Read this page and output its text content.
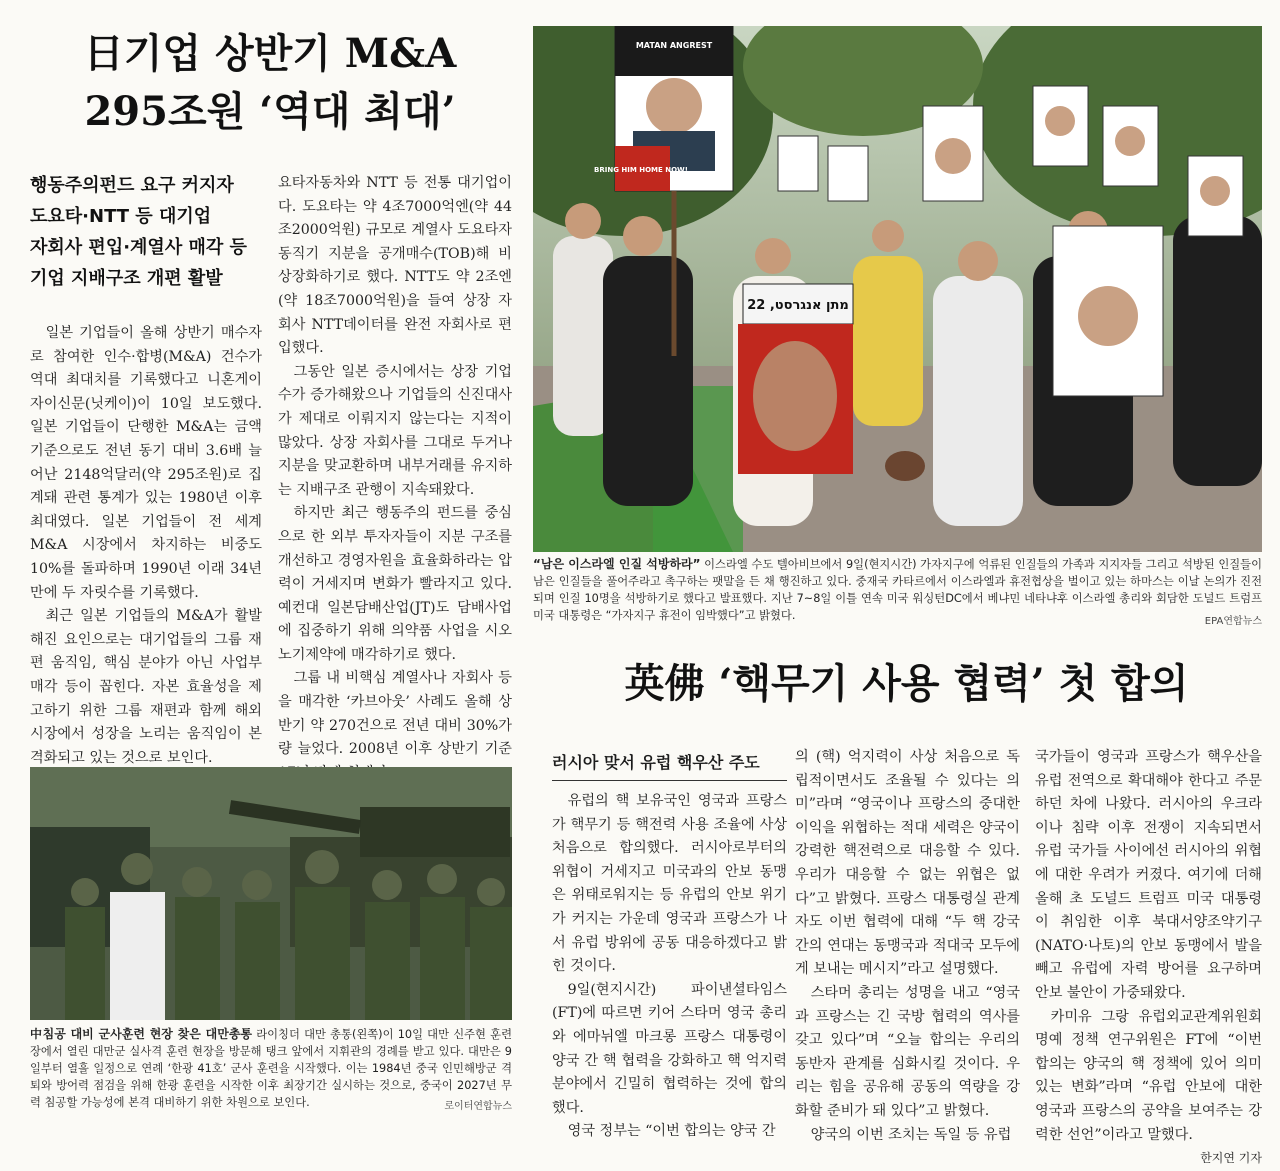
日기업 상반기 M&A
295조원 ‘역대 최대’
행동주의펀드 요구 커지자
도요타·NTT 등 대기업
자회사 편입·계열사 매각 등
기업 지배구조 개편 활발

일본 기업들이 올해 상반기 매수자로 참여한 인수·합병(M&A) 건수가 역대 최대치를 기록했다고 니혼게이자이신문(닛케이)이 10일 보도했다. 일본 기업들이 단행한 M&A는 금액 기준으로도 전년 동기 대비 3.6배 늘어난 2148억달러(약 295조원)로 집계돼 관련 통계가 있는 1980년 이후 최대였다. 일본 기업들이 전 세계 M&A 시장에서 차지하는 비중도 10%를 돌파하며 1990년 이래 34년 만에 두 자릿수를 기록했다.

최근 일본 기업들의 M&A가 활발해진 요인으로는 대기업들의 그룹 재편 움직임, 핵심 분야가 아닌 사업부 매각 등이 꼽힌다. 자본 효율성을 제고하기 위한 그룹 재편과 함께 해외 시장에서 성장을 노리는 움직임이 본격화되고 있는 것으로 보인다.

요타자동차와 NTT 등 전통 대기업이다. 도요타는 약 4조7000억엔(약 44조2000억원) 규모로 계열사 도요타자동직기 지분을 공개매수(TOB)해 비상장화하기로 했다. NTT도 약 2조엔(약 18조7000억원)을 들여 상장 자회사 NTT데이터를 완전 자회사로 편입했다.

그동안 일본 증시에서는 상장 기업 수가 증가해왔으나 기업들의 신진대사가 제대로 이뤄지지 않는다는 지적이 많았다. 상장 자회사를 그대로 두거나 지분을 맞교환하며 내부거래를 유지하는 지배구조 관행이 지속돼왔다.

하지만 최근 행동주의 펀드를 중심으로 한 외부 투자자들이 지분 구조를 개선하고 경영자원을 효율화하라는 압력이 거세지며 변화가 빨라지고 있다. 예컨대 일본담배산업(JT)도 담배사업에 집중하기 위해 의약품 사업을 시오노기제약에 매각하기로 했다.

그룹 내 비핵심 계열사나 자회사 등을 매각한 ‘카브아웃’ 사례도 올해 상반기 약 270건으로 전년 대비 30%가량 늘었다. 2008년 이후 상반기 기준

MATAN ANGREST
BRING HIM HOME NOW!
מתן אנגרסט, 22
“남은 이스라엘 인질 석방하라” 이스라엘 수도 텔아비브에서 9일(현지시간) 가자지구에 억류된 인질들의 가족과 지지자들 그리고 석방된 인질들이 남은 인질들을 풀어주라고 촉구하는 팻말을 든 채 행진하고 있다. 중재국 카타르에서 이스라엘과 휴전협상을 벌이고 있는 하마스는 이날 논의가 진전되며 인질 10명을 석방하기로 했다고 발표했다. 지난 7~8일 이틀 연속 미국 워싱턴DC에서 베냐민 네타냐후 이스라엘 총리와 회담한 도널드 트럼프 미국 대통령은 “가자지구 휴전이 임박했다”고 밝혔다.	EPA연합뉴스
中침공 대비 군사훈련 현장 찾은 대만총통 라이칭더 대만 총통(왼쪽)이 10일 대만 신주현 훈련장에서 열린 대만군 실사격 훈련 현장을 방문해 탱크 앞에서 지휘관의 경례를 받고 있다. 대만은 9일부터 열흘 일정으로 연례 ‘한광 41호’ 군사 훈련을 시작했다. 이는 1984년 중국 인민해방군 격퇴와 방어력 점검을 위해 한광 훈련을 시작한 이후 최장기간 실시하는 것으로, 중국이 2027년 무력 침공할 가능성에 본격 대비하기 위한 차원으로 보인다.	로이터연합뉴스
英佛 ‘핵무기 사용 협력’ 첫 합의
러시아 맞서 유럽 핵우산 주도

유럽의 핵 보유국인 영국과 프랑스가 핵무기 등 핵전력 사용 조율에 사상 처음으로 합의했다. 러시아로부터의 위협이 거세지고 미국과의 안보 동맹은 위태로워지는 등 유럽의 안보 위기가 커지는 가운데 영국과 프랑스가 나서 유럽 방위에 공동 대응하겠다고 밝힌 것이다.

9일(현지시간) 파이낸셜타임스(FT)에 따르면 키어 스타머 영국 총리와 에마뉘엘 마크롱 프랑스 대통령이 양국 간 핵 협력을 강화하고 핵 억지력 분야에서 긴밀히 협력하는 것에 합의했다.

영국 정부는 “이번 합의는 양국 간

의 (핵) 억지력이 사상 처음으로 독립적이면서도 조율될 수 있다는 의미”라며 “영국이나 프랑스의 중대한 이익을 위협하는 적대 세력은 양국이 강력한 핵전력으로 대응할 수 있다. 우리가 대응할 수 없는 위협은 없다”고 밝혔다. 프랑스 대통령실 관계자도 이번 협력에 대해 “두 핵 강국 간의 연대는 동맹국과 적대국 모두에게 보내는 메시지”라고 설명했다.

스타머 총리는 성명을 내고 “영국과 프랑스는 긴 국방 협력의 역사를 갖고 있다”며 “오늘 합의는 우리의 동반자 관계를 심화시킬 것이다. 우리는 힘을 공유해 공동의 역량을 강화할 준비가 돼 있다”고 밝혔다.

양국의 이번 조치는 독일 등 유럽

국가들이 영국과 프랑스가 핵우산을 유럽 전역으로 확대해야 한다고 주문하던 차에 나왔다. 러시아의 우크라이나 침략 이후 전쟁이 지속되면서 유럽 국가들 사이에선 러시아의 위협에 대한 우려가 커졌다. 여기에 더해 올해 초 도널드 트럼프 미국 대통령이 취임한 이후 북대서양조약기구(NATO·나토)의 안보 동맹에서 발을 빼고 유럽에 자력 방어를 요구하며 안보 불안이 가중돼왔다.

카미유 그랑 유럽외교관계위원회 명예 정책 연구위원은 FT에 “이번 합의는 양국의 핵 정책에 있어 의미 있는 변화”라며 “유럽 안보에 대한 영국과 프랑스의 공약을 보여주는 강력한 선언”이라고 말했다.

한지연 기자
